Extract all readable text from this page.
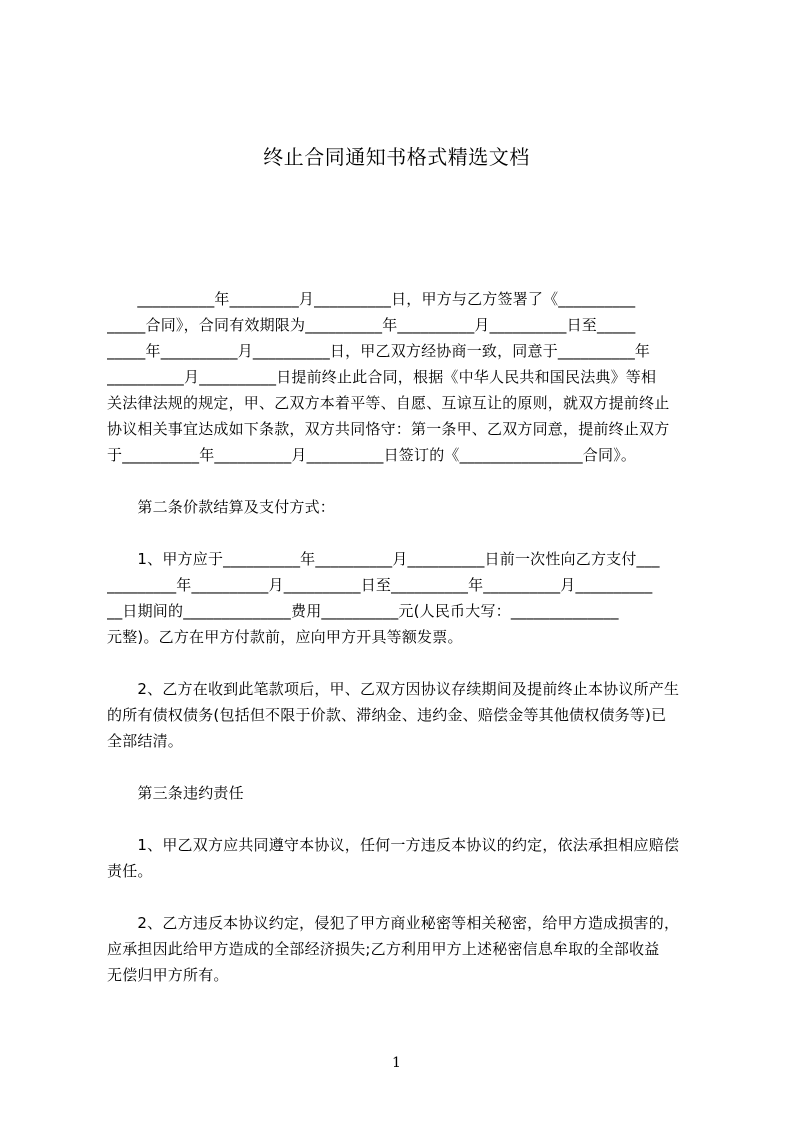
终止合同通知书格式精选文档
　　__________年_________月__________日，甲方与乙方签署了《__________
_____合同》，合同有效期限为__________年__________月__________日至_____
_____年__________月__________日，甲乙双方经协商一致，同意于__________年
__________月__________日提前终止此合同，根据《中华人民共和国民法典》等相
关法律法规的规定，甲、乙双方本着平等、自愿、互谅互让的原则，就双方提前终止
协议相关事宜达成如下条款，双方共同恪守：第一条甲、乙双方同意，提前终止双方
于__________年__________月__________日签订的《________________合同》。
　　第二条价款结算及支付方式：
　　1、甲方应于__________年__________月__________日前一次性向乙方支付___
_________年__________月__________日至__________年__________月__________
__日期间的______________费用__________元(人民币大写：______________
元整)。乙方在甲方付款前，应向甲方开具等额发票。
　　2、乙方在收到此笔款项后，甲、乙双方因协议存续期间及提前终止本协议所产生
的所有债权债务(包括但不限于价款、滞纳金、违约金、赔偿金等其他债权债务等)已
全部结清。
　　第三条违约责任
　　1、甲乙双方应共同遵守本协议，任何一方违反本协议的约定，依法承担相应赔偿
责任。
　　2、乙方违反本协议约定，侵犯了甲方商业秘密等相关秘密，给甲方造成损害的，
应承担因此给甲方造成的全部经济损失;乙方利用甲方上述秘密信息牟取的全部收益
无偿归甲方所有。
1
